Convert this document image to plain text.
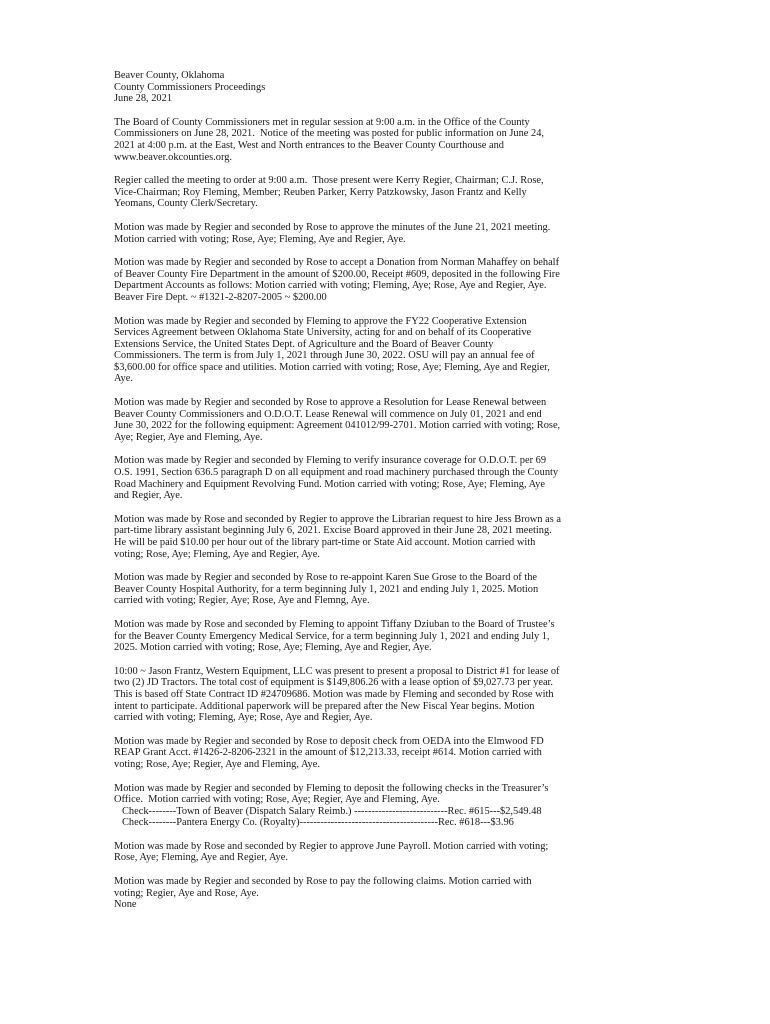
Beaver County, Oklahoma
County Commissioners Proceedings
June 28, 2021
The Board of County Commissioners met in regular session at 9:00 a.m. in the Office of the County
Commissioners on June 28, 2021.  Notice of the meeting was posted for public information on June 24,
2021 at 4:00 p.m. at the East, West and North entrances to the Beaver County Courthouse and
www.beaver.okcounties.org.
Regier called the meeting to order at 9:00 a.m.  Those present were Kerry Regier, Chairman; C.J. Rose,
Vice-Chairman; Roy Fleming, Member; Reuben Parker, Kerry Patzkowsky, Jason Frantz and Kelly
Yeomans, County Clerk/Secretary.
Motion was made by Regier and seconded by Rose to approve the minutes of the June 21, 2021 meeting.
Motion carried with voting; Rose, Aye; Fleming, Aye and Regier, Aye.
Motion was made by Regier and seconded by Rose to accept a Donation from Norman Mahaffey on behalf
of Beaver County Fire Department in the amount of $200.00, Receipt #609, deposited in the following Fire
Department Accounts as follows: Motion carried with voting; Fleming, Aye; Rose, Aye and Regier, Aye.
Beaver Fire Dept. ~ #1321-2-8207-2005 ~ $200.00
Motion was made by Regier and seconded by Fleming to approve the FY22 Cooperative Extension
Services Agreement between Oklahoma State University, acting for and on behalf of its Cooperative
Extensions Service, the United States Dept. of Agriculture and the Board of Beaver County
Commissioners. The term is from July 1, 2021 through June 30, 2022. OSU will pay an annual fee of
$3,600.00 for office space and utilities. Motion carried with voting; Rose, Aye; Fleming, Aye and Regier,
Aye.
Motion was made by Regier and seconded by Rose to approve a Resolution for Lease Renewal between
Beaver County Commissioners and O.D.O.T. Lease Renewal will commence on July 01, 2021 and end
June 30, 2022 for the following equipment: Agreement 041012/99-2701. Motion carried with voting; Rose,
Aye; Regier, Aye and Fleming, Aye.
Motion was made by Regier and seconded by Fleming to verify insurance coverage for O.D.O.T. per 69
O.S. 1991, Section 636.5 paragraph D on all equipment and road machinery purchased through the County
Road Machinery and Equipment Revolving Fund. Motion carried with voting; Rose, Aye; Fleming, Aye
and Regier, Aye.
Motion was made by Rose and seconded by Regier to approve the Librarian request to hire Jess Brown as a
part-time library assistant beginning July 6, 2021. Excise Board approved in their June 28, 2021 meeting.
He will be paid $10.00 per hour out of the library part-time or State Aid account. Motion carried with
voting; Rose, Aye; Fleming, Aye and Regier, Aye.
Motion was made by Regier and seconded by Rose to re-appoint Karen Sue Grose to the Board of the
Beaver County Hospital Authority, for a term beginning July 1, 2021 and ending July 1, 2025. Motion
carried with voting; Regier, Aye; Rose, Aye and Flemng, Aye.
Motion was made by Rose and seconded by Fleming to appoint Tiffany Dziuban to the Board of Trustee’s
for the Beaver County Emergency Medical Service, for a term beginning July 1, 2021 and ending July 1,
2025. Motion carried with voting; Rose, Aye; Fleming, Aye and Regier, Aye.
10:00 ~ Jason Frantz, Western Equipment, LLC was present to present a proposal to District #1 for lease of
two (2) JD Tractors. The total cost of equipment is $149,806.26 with a lease option of $9,027.73 per year.
This is based off State Contract ID #24709686. Motion was made by Fleming and seconded by Rose with
intent to participate. Additional paperwork will be prepared after the New Fiscal Year begins. Motion
carried with voting; Fleming, Aye; Rose, Aye and Regier, Aye.
Motion was made by Regier and seconded by Rose to deposit check from OEDA into the Elmwood FD
REAP Grant Acct. #1426-2-8206-2321 in the amount of $12,213.33, receipt #614. Motion carried with
voting; Rose, Aye; Regier, Aye and Fleming, Aye.
Motion was made by Regier and seconded by Fleming to deposit the following checks in the Treasurer’s
Office.  Motion carried with voting; Rose, Aye; Regier, Aye and Fleming, Aye.
Check--------Town of Beaver (Dispatch Salary Reimb.) ---------------------------Rec. #615---$2,549.48
Check--------Pantera Energy Co. (Royalty)----------------------------------------Rec. #618---$3.96
Motion was made by Rose and seconded by Regier to approve June Payroll. Motion carried with voting;
Rose, Aye; Fleming, Aye and Regier, Aye.
Motion was made by Regier and seconded by Rose to pay the following claims. Motion carried with
voting; Regier, Aye and Rose, Aye.
None
